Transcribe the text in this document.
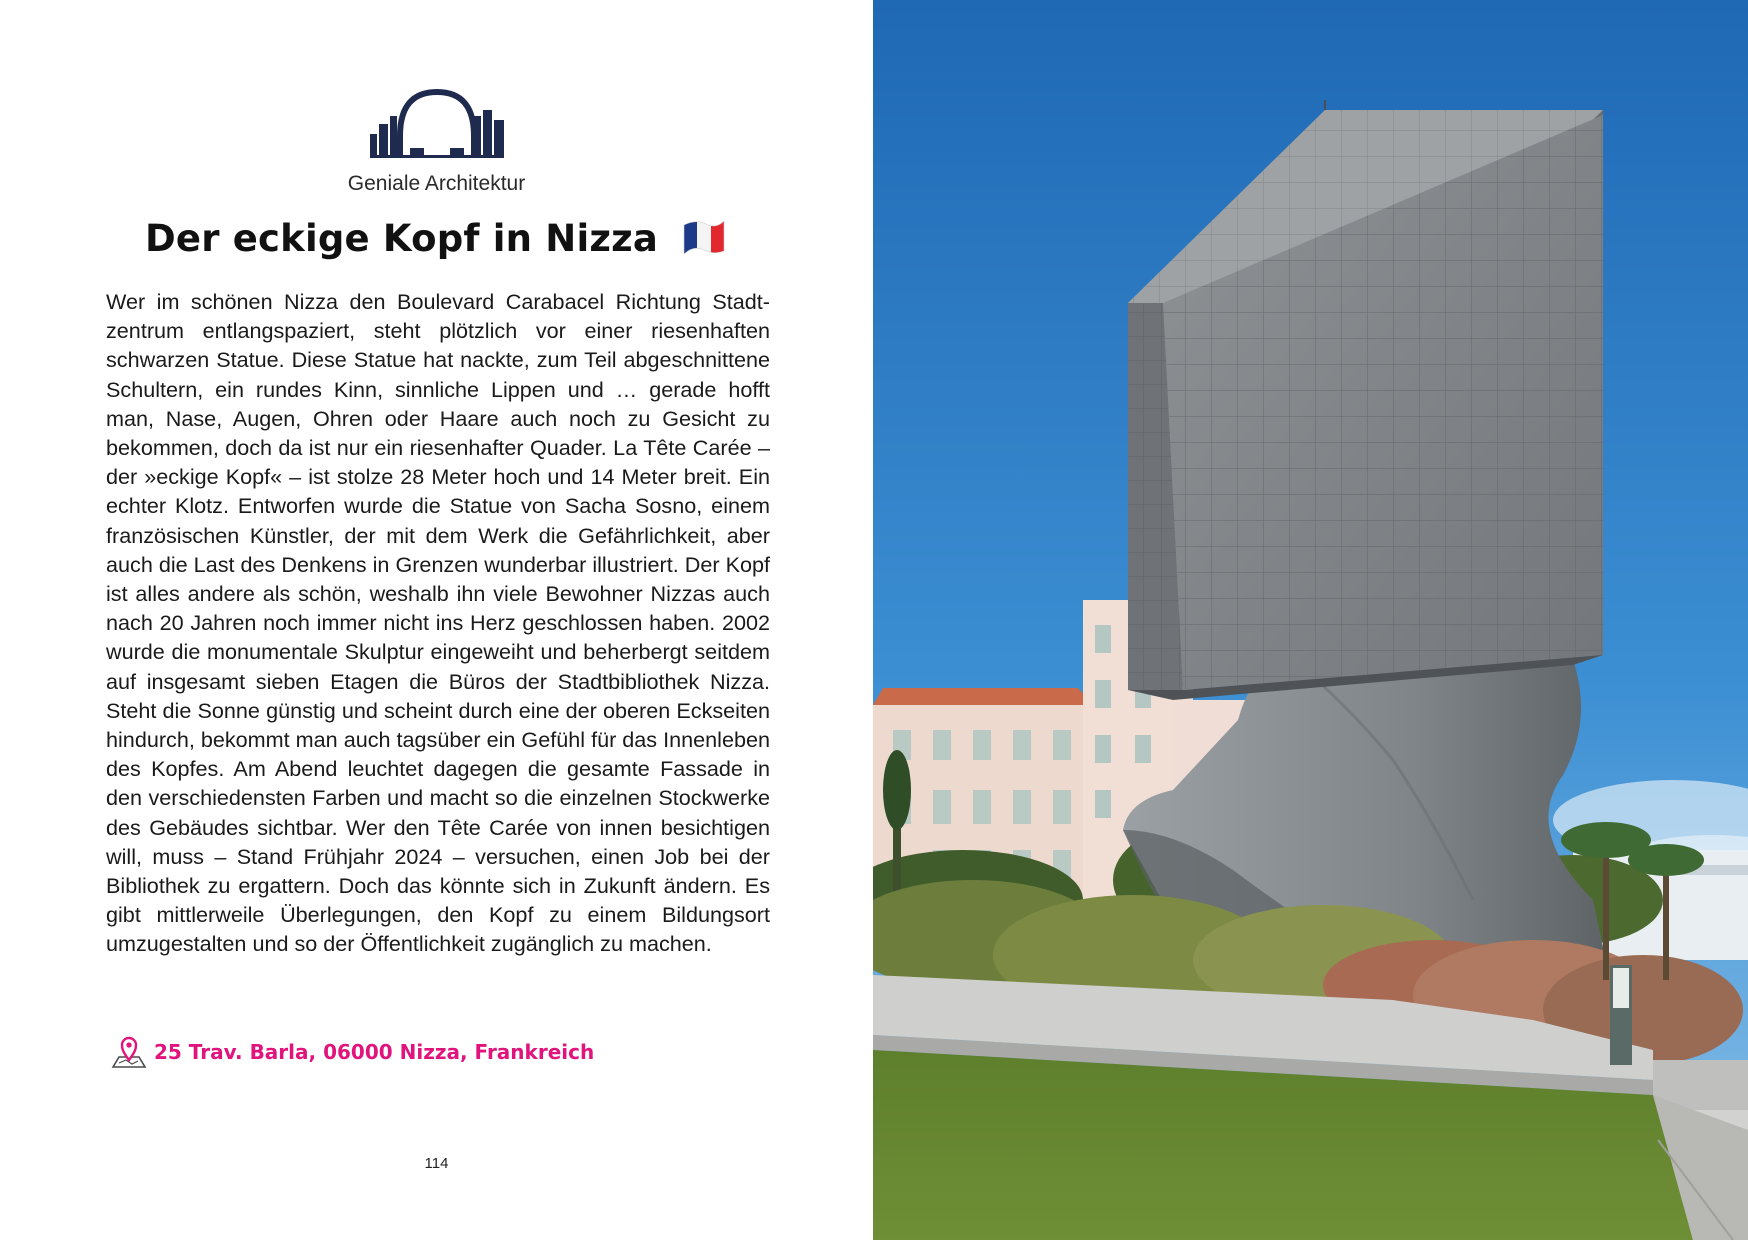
Geniale Architektur
Der eckige Kopf in Nizza
Wer im schönen Nizza den Boulevard Carabacel Richtung Stadtzentrum entlangspaziert, steht plötzlich vor einer riesenhaften schwarzen Statue. Diese Statue hat nackte, zum Teil abgeschnittene Schultern, ein rundes Kinn, sinnliche Lippen und … gerade hofft man, Nase, Augen, Ohren oder Haare auch noch zu Gesicht zu bekommen, doch da ist nur ein riesenhafter Quader. La Tête Carée – der »eckige Kopf« – ist stolze 28 Meter hoch und 14 Meter breit. Ein echter Klotz. Entworfen wurde die Statue von Sacha Sosno, einem französischen Künstler, der mit dem Werk die Gefährlichkeit, aber auch die Last des Denkens in Grenzen wunderbar illustriert. Der Kopf ist alles andere als schön, weshalb ihn viele Bewohner Nizzas auch nach 20 Jahren noch immer nicht ins Herz geschlossen haben. 2002 wurde die monumentale Skulptur eingeweiht und beherbergt seitdem auf insgesamt sieben Etagen die Büros der Stadtbibliothek Nizza. Steht die Sonne günstig und scheint durch eine der oberen Eckseiten hindurch, bekommt man auch tagsüber ein Gefühl für das Innenleben des Kopfes. Am Abend leuchtet dagegen die gesamte Fassade in den verschiedensten Farben und macht so die einzelnen Stockwerke des Gebäudes sichtbar. Wer den Tête Carée von innen besichtigen will, muss – Stand Frühjahr 2024 – versuchen, einen Job bei der Bibliothek zu ergattern. Doch das könnte sich in Zukunft ändern. Es gibt mittlerweile Überlegungen, den Kopf zu einem Bildungsort umzugestalten und so der Öffentlichkeit zugänglich zu machen.
25 Trav. Barla, 06000 Nizza, Frankreich
114
